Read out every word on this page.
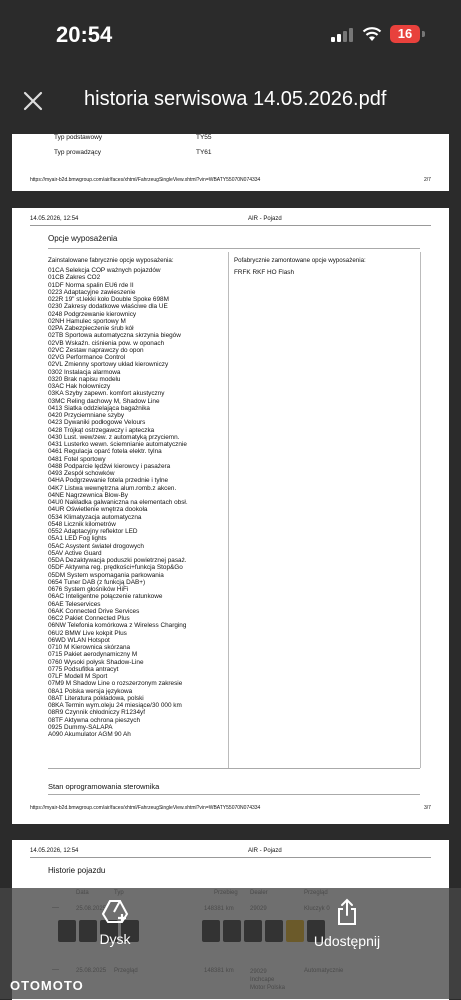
20:54	16
historia serwisowa 14.05.2026.pdf
Typ podstawowy	TY55
Typ prowadzący	TY61
https://myair-b2d.bmwgroup.com/air/faces/xhtml/FahrzeugSingleView.xhtml?vin=WBATY55070N074334	2/7
14.05.2026, 12:54	AIR - Pojazd
Opcje wyposażenia
Zainstalowane fabrycznie opcje wyposażenia:	Pofabrycznie zamontowane opcje wyposażenia:
FRFK RKF HO Flash
01CA Selekcja COP ważnych pojazdów
01CB Zakres CO2
01DF Norma spalin EU6 rde II
0223 Adaptacyjne zawieszenie
022R 19" st.lekki koło Double Spoke 698M
0230 Zakresy dodatkowe właściwe dla UE
0248 Podgrzewanie kierownicy
02NH Hamulec sportowy M
02PA Zabezpieczenie śrub kół
02TB Sportowa automatyczna skrzynia biegów
02VB Wskaźn. ciśnienia pow. w oponach
02VC Zestaw naprawczy do opon
02VG Performance Control
02VL Zmienny sportowy układ kierowniczy
0302 Instalacja alarmowa
0320 Brak napisu modelu
03AC Hak holowniczy
03KA Szyby zapewn. komfort akustyczny
03MC Reling dachowy M, Shadow Line
0413 Siatka oddzielająca bagażnika
0420 Przyciemniane szyby
0423 Dywaniki podłogowe Velours
0428 Trójkąt ostrzegawczy i apteczka
0430 Lust. wew/zew. z automatyką przyciemn.
0431 Lusterko wewn. ściemnianie automatycznie
0461 Regulacja oparć fotela elektr. tylna
0481 Fotel sportowy
0488 Podparcie lędźwi kierowcy i pasażera
0493 Zespół schowków
04HA Podgrzewanie fotela przednie i tylne
04K7 Listwa wewnętrzna alum.romb.z akcen.
04NE Nagrzewnica Blow-By
04U0 Nakładka galwaniczna na elementach obsł.
04UR Oświetlenie wnętrza dookoła
0534 Klimatyzacja automatyczna
0548 Licznik kilometrów
0552 Adaptacyjny reflektor LED
05A1 LED Fog lights
05AC Asystent świateł drogowych
05AV Active Guard
05DA Dezaktywacja poduszki powietrznej pasaż.
05DF Aktywna reg. prędkości+funkcja Stop&Go
05DM System wspomagania parkowania
0654 Tuner DAB (z funkcją DAB+)
0676 System głośników HiFi
06AC Inteligentne połączenie ratunkowe
06AE Teleservices
06AK Connected Drive Services
06C2 Pakiet Connected Plus
06NW Telefonia komórkowa z Wireless Charging
06U2 BMW Live kokpit Plus
06WD WLAN Hotspot
0710 M Kierownica skórzana
0715 Pakiet aerodynamiczny M
0760 Wysoki połysk Shadow-Line
0775 Podsufitka antracyt
07LF Modell M Sport
07M9 M Shadow Line o rozszerzonym zakresie
08A1 Polska wersja językowa
08AT Literatura pokładowa, polski
08KA Termin wym.oleju 24 miesiące/30 000 km
08R9 Czynnik chłodniczy R1234yf
08TF Aktywna ochrona pieszych
0925 Dummy-SALAPA
A090 Akumulator AGM 90 Ah
Stan oprogramowania sterownika
https://myair-b2d.bmwgroup.com/air/faces/xhtml/FahrzeugSingleView.xhtml?vin=WBATY55070N074334	3/7
14.05.2026, 12:54	AIR - Pojazd
Historie pojazdu
Dysk	Udostępnij
OTOMOTO
